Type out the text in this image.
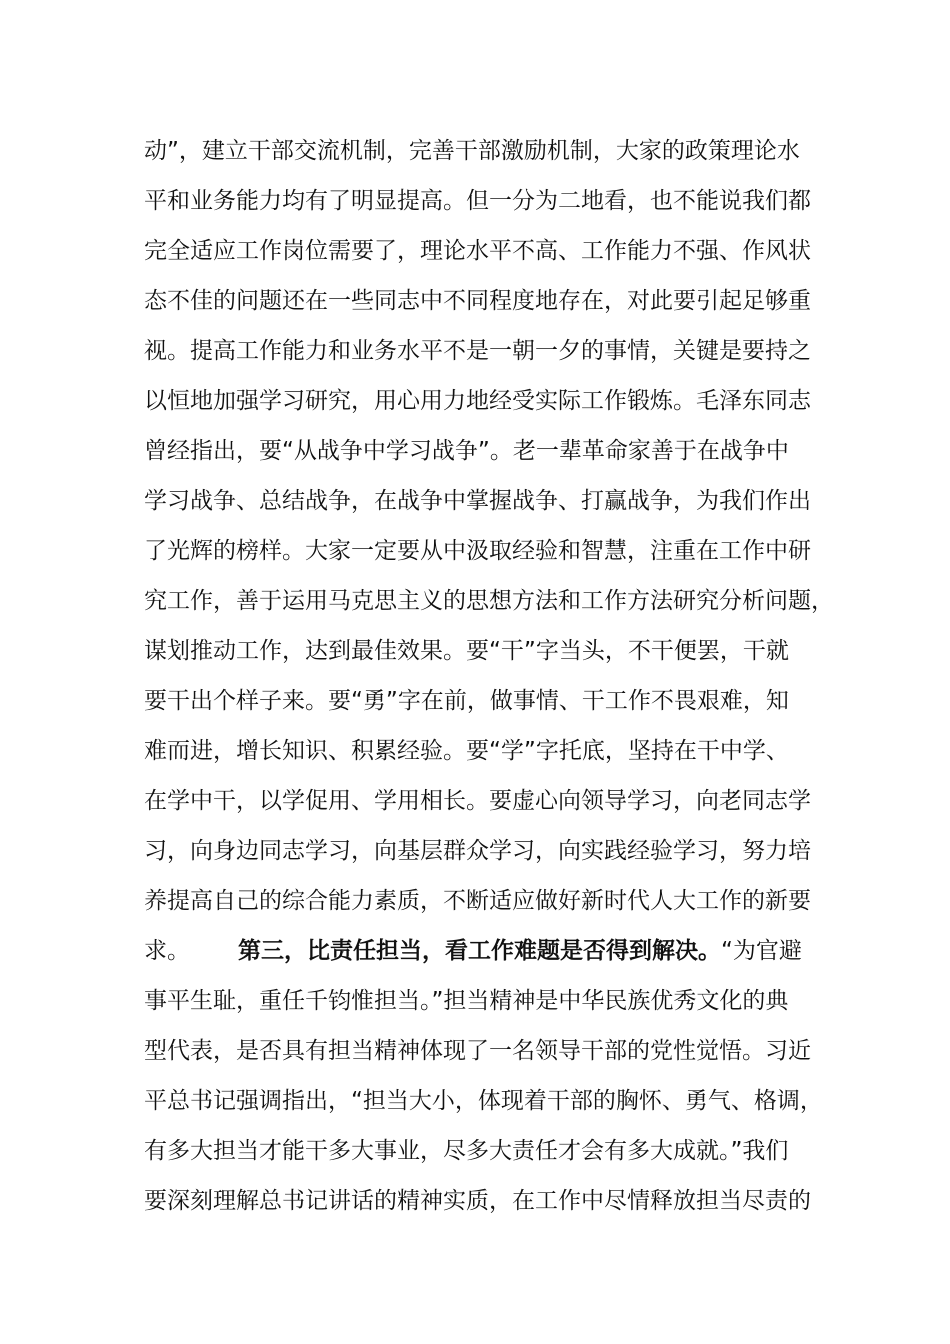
动”，建立干部交流机制，完善干部激励机制，大家的政策理论水
平和业务能力均有了明显提高。但一分为二地看，也不能说我们都
完全适应工作岗位需要了，理论水平不高、工作能力不强、作风状
态不佳的问题还在一些同志中不同程度地存在，对此要引起足够重
视。提高工作能力和业务水平不是一朝一夕的事情，关键是要持之
以恒地加强学习研究，用心用力地经受实际工作锻炼。毛泽东同志
曾经指出，要“从战争中学习战争”。老一辈革命家善于在战争中
学习战争、总结战争，在战争中掌握战争、打赢战争，为我们作出
了光辉的榜样。大家一定要从中汲取经验和智慧，注重在工作中研
究工作，善于运用马克思主义的思想方法和工作方法研究分析问题，
谋划推动工作，达到最佳效果。要“干”字当头，不干便罢，干就
要干出个样子来。要“勇”字在前，做事情、干工作不畏艰难，知
难而进，增长知识、积累经验。要“学”字托底，坚持在干中学、
在学中干，以学促用、学用相长。要虚心向领导学习，向老同志学
习，向身边同志学习，向基层群众学习，向实践经验学习，努力培
养提高自己的综合能力素质，不断适应做好新时代人大工作的新要
求。 第三，比责任担当，看工作难题是否得到解决。“为官避
事平生耻，重任千钧惟担当。”担当精神是中华民族优秀文化的典
型代表，是否具有担当精神体现了一名领导干部的党性觉悟。习近
平总书记强调指出，“担当大小，体现着干部的胸怀、勇气、格调，
有多大担当才能干多大事业，尽多大责任才会有多大成就。”我们
要深刻理解总书记讲话的精神实质，在工作中尽情释放担当尽责的
